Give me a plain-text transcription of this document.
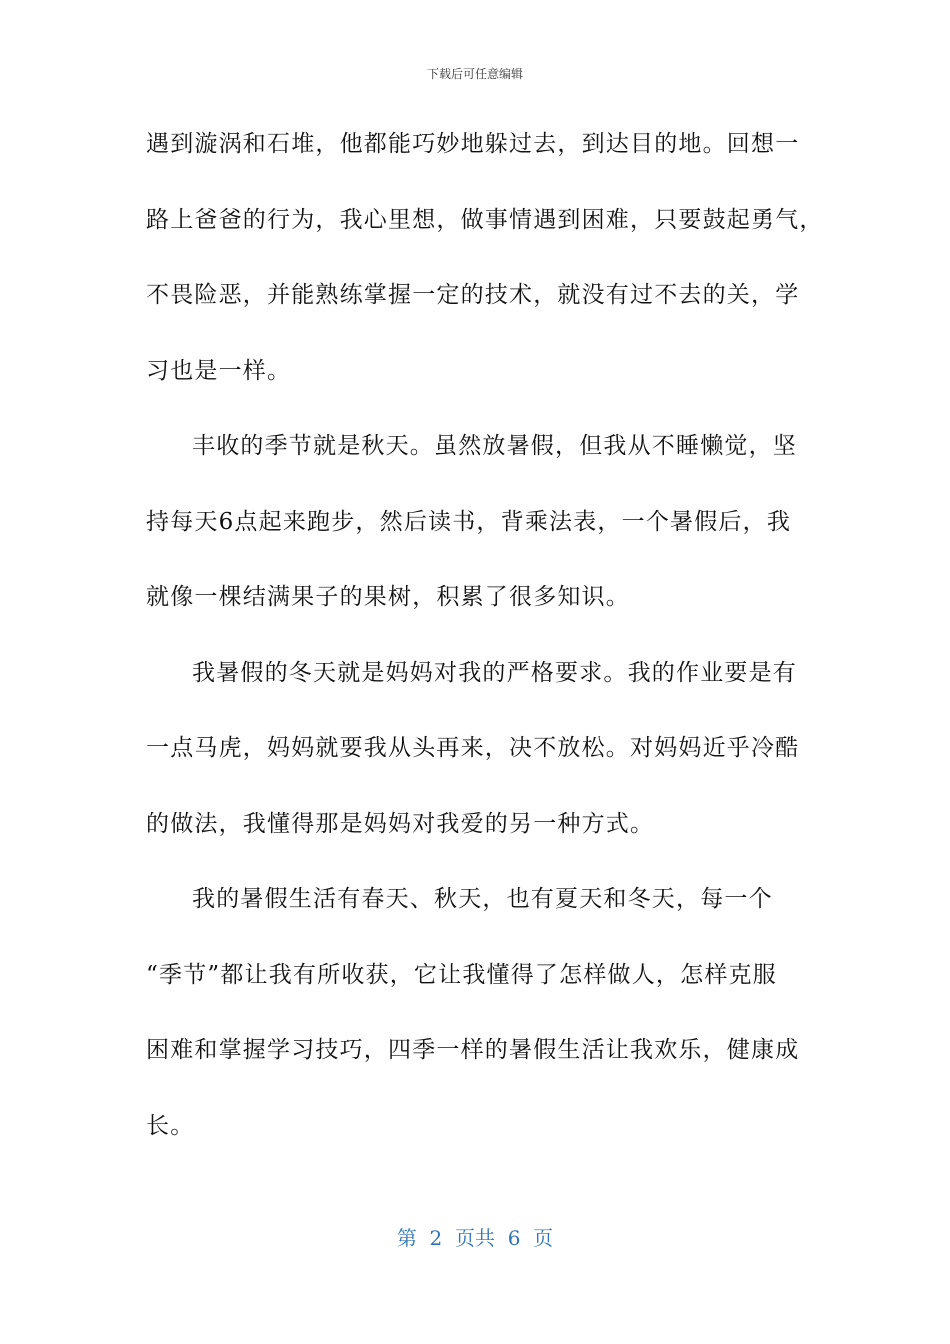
下载后可任意编辑
遇到漩涡和石堆，他都能巧妙地躲过去，到达目的地。回想一
路上爸爸的行为，我心里想，做事情遇到困难，只要鼓起勇气，
不畏险恶，并能熟练掌握一定的技术，就没有过不去的关，学
习也是一样。
丰收的季节就是秋天。虽然放暑假，但我从不睡懒觉，坚
持每天6点起来跑步，然后读书，背乘法表，一个暑假后，我
就像一棵结满果子的果树，积累了很多知识。
我暑假的冬天就是妈妈对我的严格要求。我的作业要是有
一点马虎，妈妈就要我从头再来，决不放松。对妈妈近乎冷酷
的做法，我懂得那是妈妈对我爱的另一种方式。
我的暑假生活有春天、秋天，也有夏天和冬天，每一个
“季节”都让我有所收获，它让我懂得了怎样做人，怎样克服
困难和掌握学习技巧，四季一样的暑假生活让我欢乐，健康成
长。
第  2  页共  6  页
